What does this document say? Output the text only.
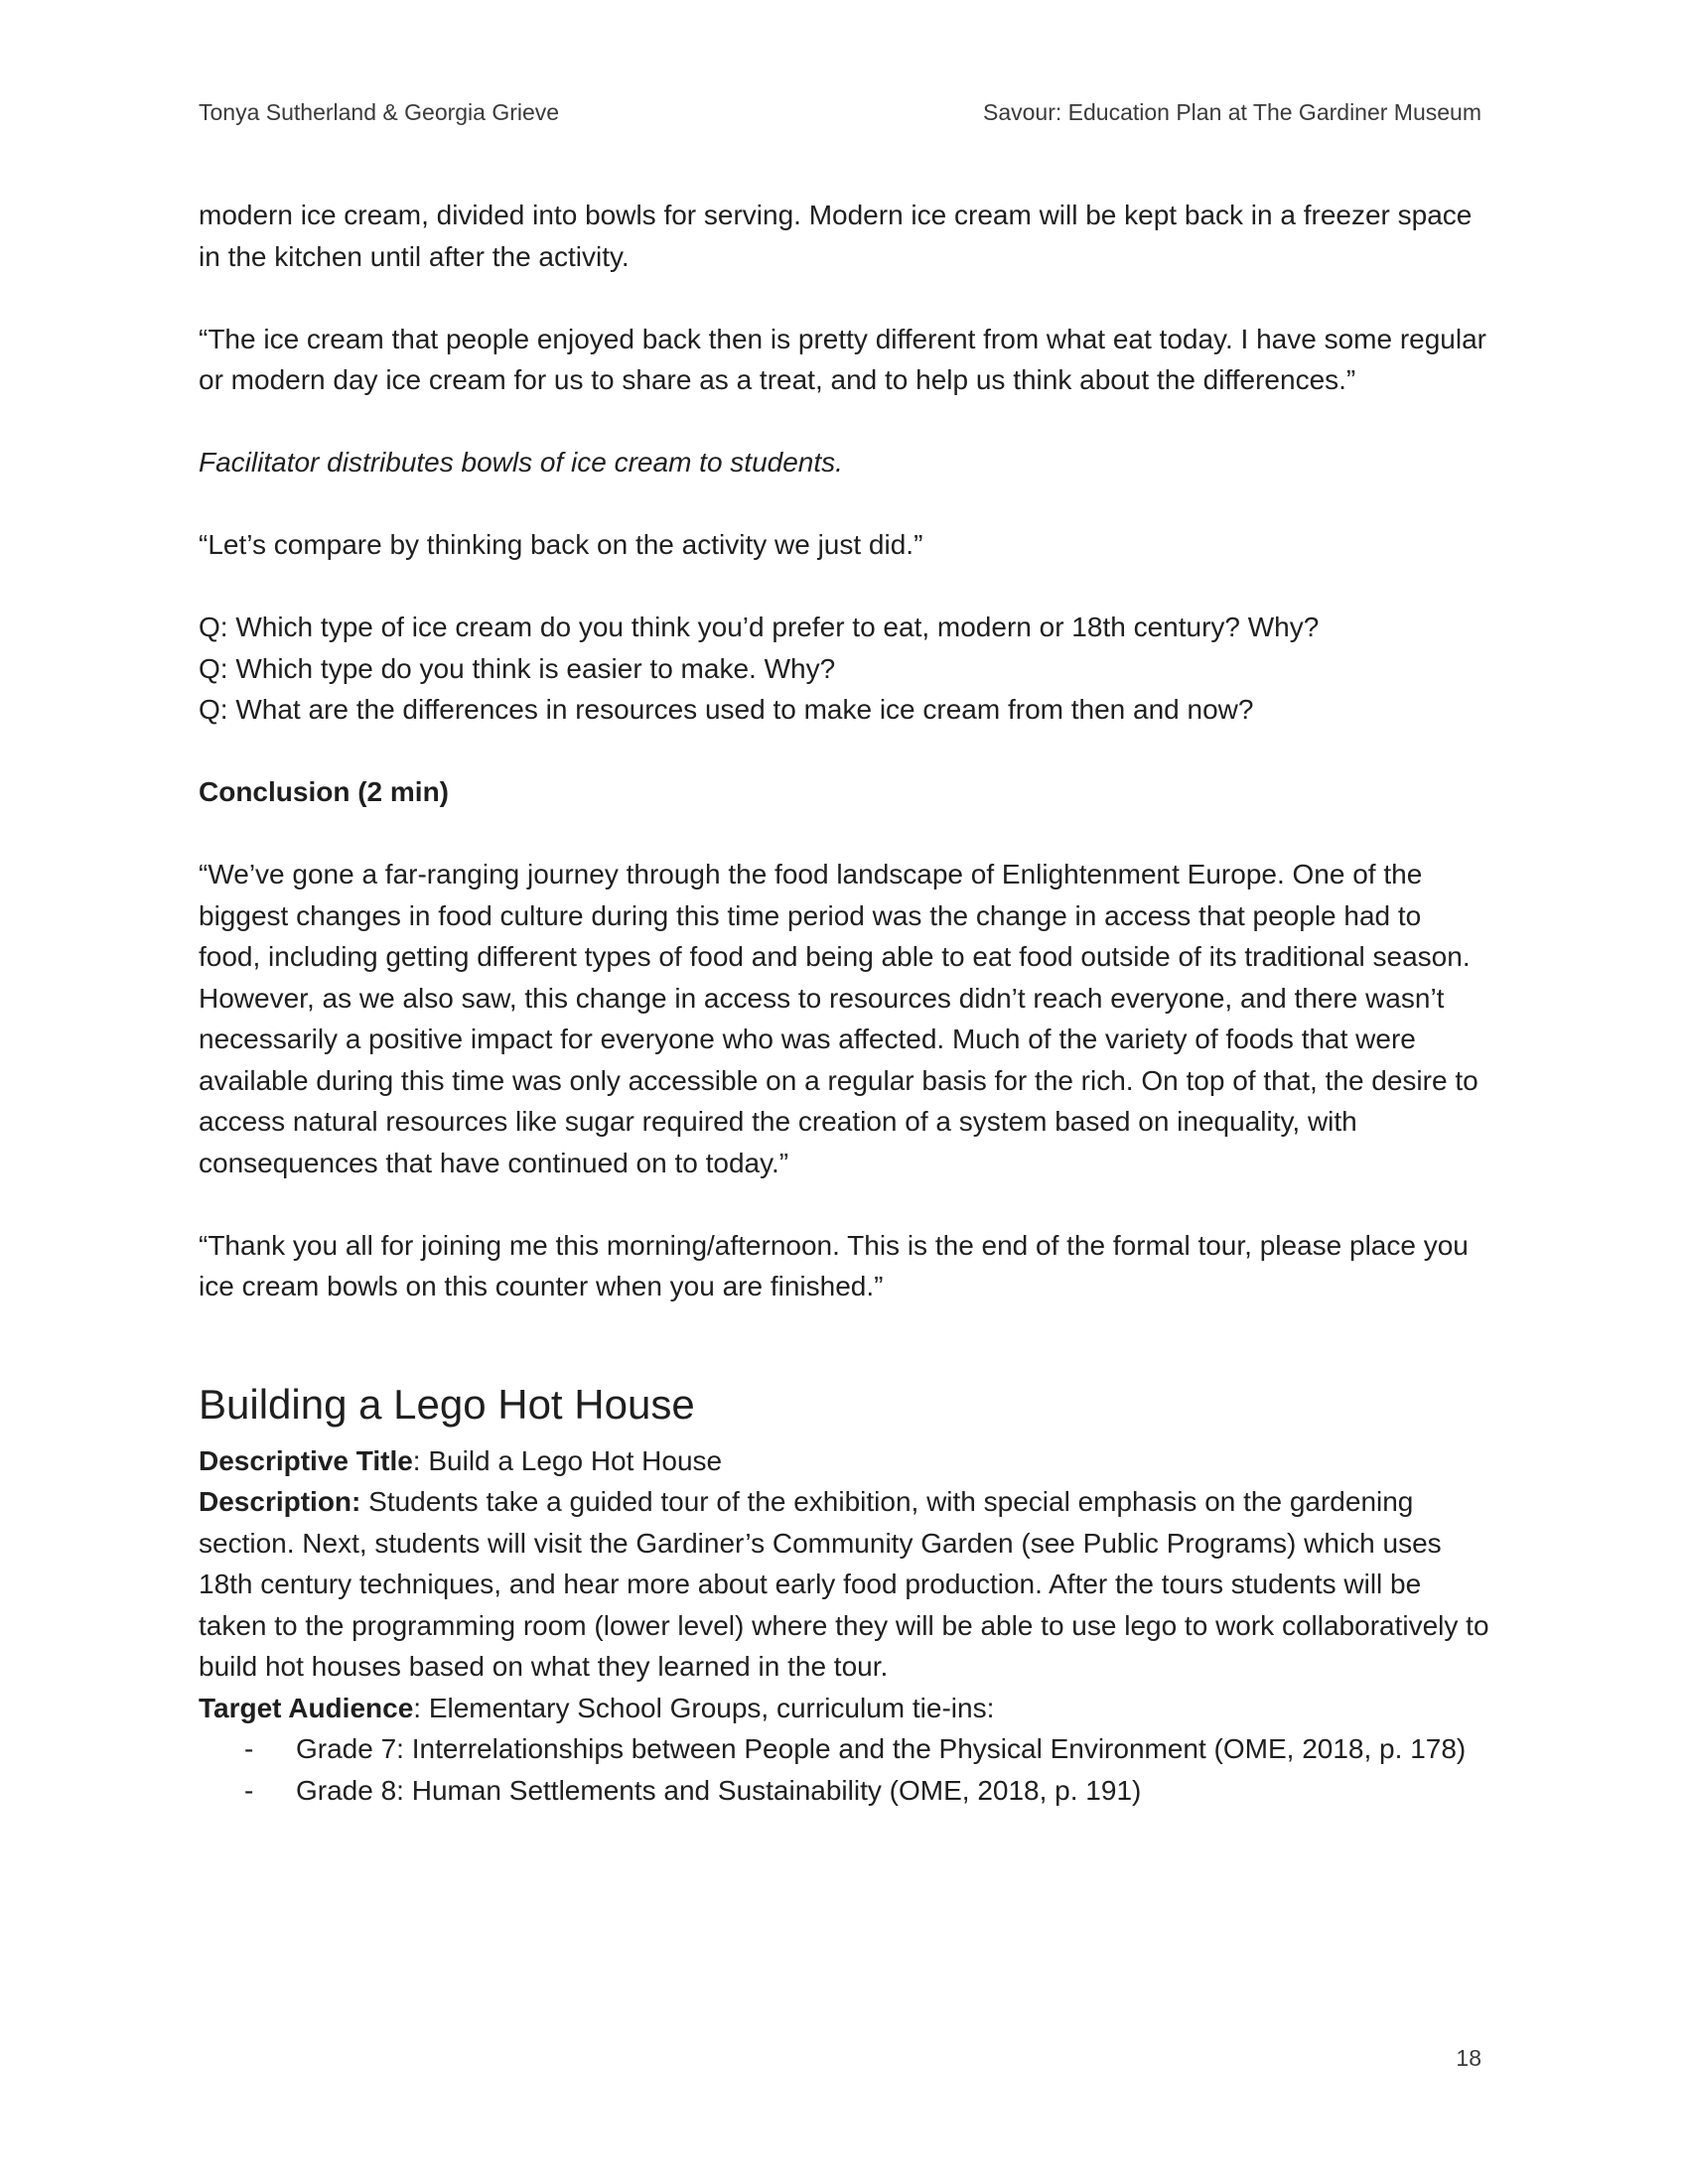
Tonya Sutherland & Georgia Grieve	Savour: Education Plan at The Gardiner Museum

modern ice cream, divided into bowls for serving. Modern ice cream will be kept back in a freezer space in the kitchen until after the activity.

“The ice cream that people enjoyed back then is pretty different from what eat today. I have some regular or modern day ice cream for us to share as a treat, and to help us think about the differences.”

Facilitator distributes bowls of ice cream to students.

“Let’s compare by thinking back on the activity we just did.”

Q: Which type of ice cream do you think you’d prefer to eat, modern or 18th century? Why?

Q: Which type do you think is easier to make. Why?

Q: What are the differences in resources used to make ice cream from then and now?

Conclusion (2 min)

“We’ve gone a far-ranging journey through the food landscape of Enlightenment Europe. One of the biggest changes in food culture during this time period was the change in access that people had to food, including getting different types of food and being able to eat food outside of its traditional season. However, as we also saw, this change in access to resources didn’t reach everyone, and there wasn’t necessarily a positive impact for everyone who was affected. Much of the variety of foods that were available during this time was only accessible on a regular basis for the rich. On top of that, the desire to access natural resources like sugar required the creation of a system based on inequality, with consequences that have continued on to today.”

“Thank you all for joining me this morning/afternoon. This is the end of the formal tour, please place you ice cream bowls on this counter when you are finished.”

Building a Lego Hot House

Descriptive Title: Build a Lego Hot House

Description: Students take a guided tour of the exhibition, with special emphasis on the gardening section. Next, students will visit the Gardiner’s Community Garden (see Public Programs) which uses 18th century techniques, and hear more about early food production. After the tours students will be taken to the programming room (lower level) where they will be able to use lego to work collaboratively to build hot houses based on what they learned in the tour.

Target Audience: Elementary School Groups, curriculum tie-ins:

- Grade 7: Interrelationships between People and the Physical Environment (OME, 2018, p. 178)
- Grade 8: Human Settlements and Sustainability (OME, 2018, p. 191)
18
